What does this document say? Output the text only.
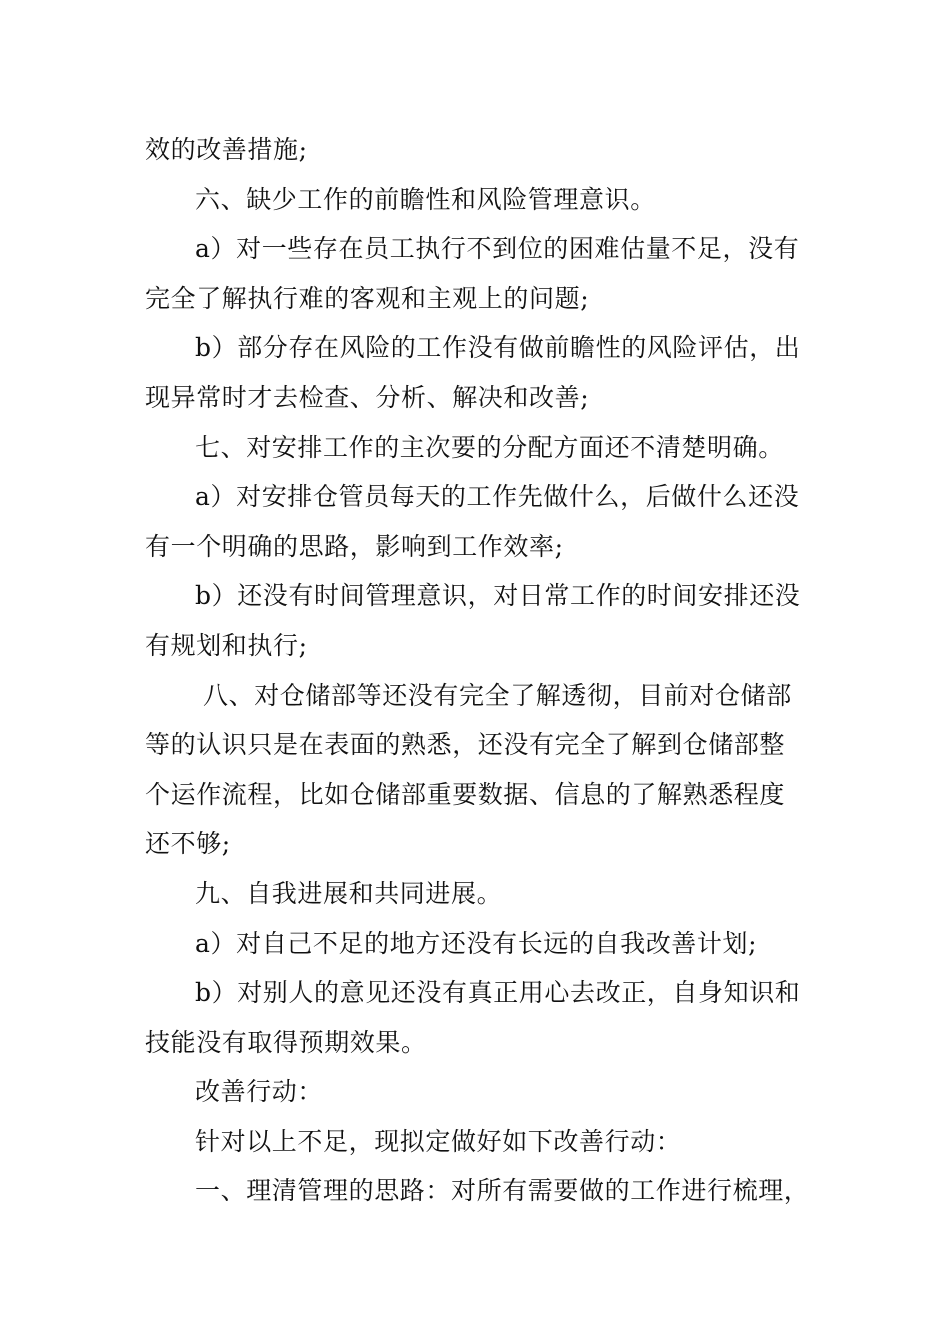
效的改善措施;
六、缺少工作的前瞻性和风险管理意识。
a）对一些存在员工执行不到位的困难估量不足，没有
完全了解执行难的客观和主观上的问题;
b）部分存在风险的工作没有做前瞻性的风险评估，出
现异常时才去检查、分析、解决和改善;
七、对安排工作的主次要的分配方面还不清楚明确。
a）对安排仓管员每天的工作先做什么，后做什么还没
有一个明确的思路，影响到工作效率;
b）还没有时间管理意识，对日常工作的时间安排还没
有规划和执行;
八、对仓储部等还没有完全了解透彻，目前对仓储部
等的认识只是在表面的熟悉，还没有完全了解到仓储部整
个运作流程，比如仓储部重要数据、信息的了解熟悉程度
还不够;
九、自我进展和共同进展。
a）对自己不足的地方还没有长远的自我改善计划;
b）对别人的意见还没有真正用心去改正，自身知识和
技能没有取得预期效果。
改善行动：
针对以上不足，现拟定做好如下改善行动：
一、理清管理的思路：对所有需要做的工作进行梳理，
